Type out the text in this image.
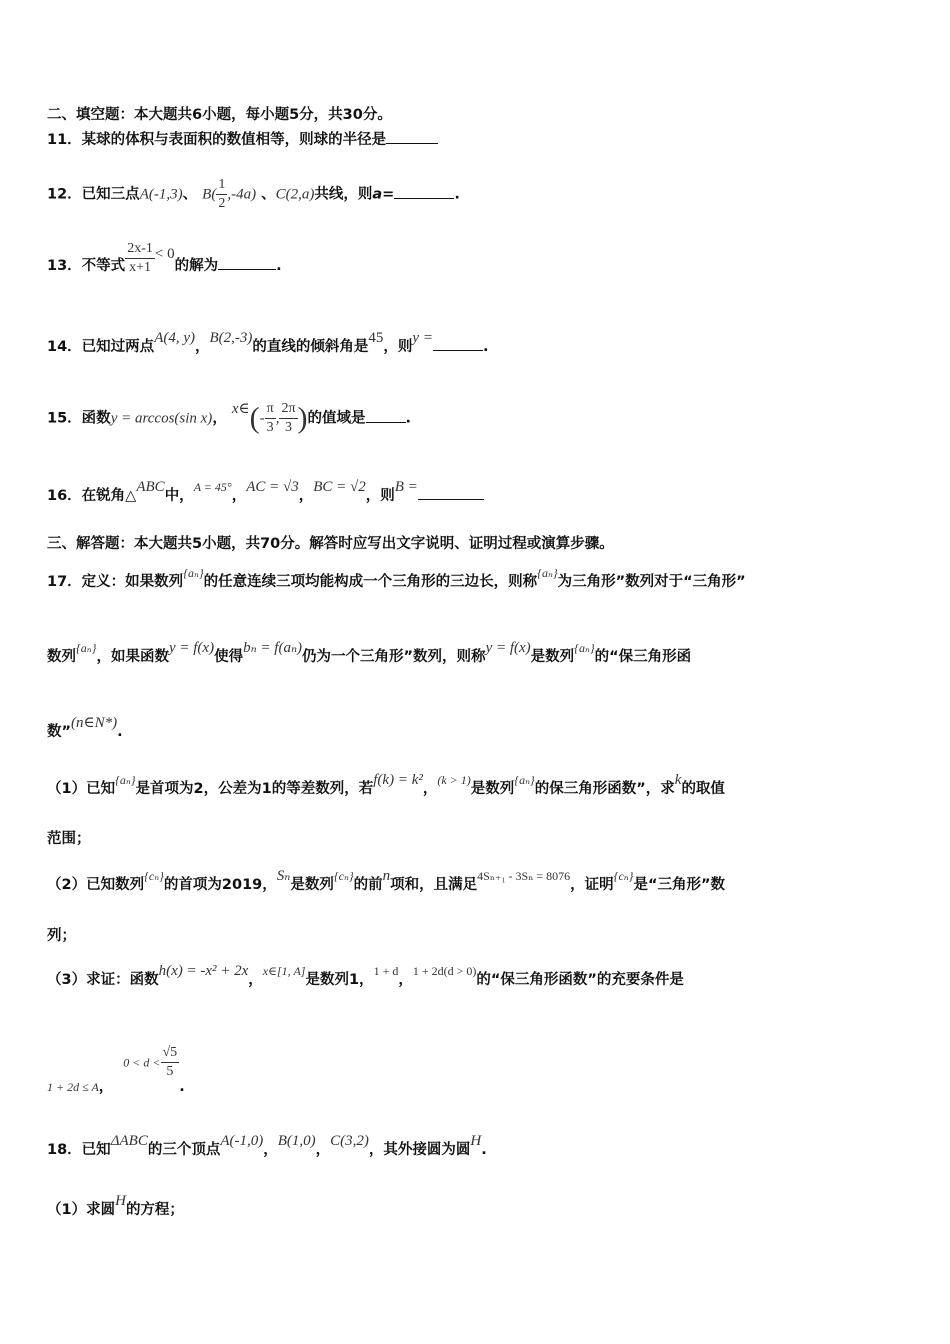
二、填空题：本大题共6小题，每小题5分，共30分。
11．某球的体积与表面积的数值相等，则球的半径是
12．已知三点A(-1,3)、 $B( \frac{1}{2} ,-4a)$ 、C(2,a)共线，则a=	.
13．不等式 $\frac{2x-1}{x+1} < 0$的解为	.
14．已知过两点A(4, y)，B(2,-3)的直线的倾斜角是45，则y =.
15．函数y = arccos(sin x)， x∈(- $\frac{\pi}{3}$ , $\frac{2\pi}{3}$ )的值域是	.
16．在锐角△ABC中，$^{A = 45^\circ}$，AC = √3，BC = √2，则B =
三、解答题：本大题共5小题，共70分。解答时应写出文字说明、证明过程或演算步骤。
17．定义：如果数列$^{\{a_n\}}$的任意连续三项均能构成一个三角形的三边长，则称$^{\{a_n\}}$为三角形”数列对于“三角形”
数列$^{\{a_n\}}$，如果函数y = f(x)使得bₙ = f(aₙ)仍为一个三角形”数列，则称y = f(x)是数列$^{\{a_n\}}$的“保三角形函
数”(n∈N*).
（1）已知$^{\{a_n\}}$是首项为2，公差为1的等差数列，若f(k) = k²，$^{(k > 1)}$是数列$^{\{a_n\}}$的保三角形函数”，求k的取值
范围；
（2）已知数列$^{\{c_n\}}$的首项为2019，Sₙ是数列$^{\{c_n\}}$的前n项和，且满足$^{4S_{n+1} - 3S_n = 8076}$，证明$^{\{c_n\}}$是“三角形”数
列；
（3）求证：函数h(x) = -x² + 2x，$^{x\in[1, A]}$是数列1，$^{1 + d}$，$^{1 + 2d(d > 0)}$的“保三角形函数”的充要条件是
$_{1 + 2d \le A}$，$0 < d < \frac{√5}{5}$
.
18．已知ΔABC的三个顶点A(-1,0)，B(1,0)，C(3,2)，其外接圆为圆H.
（1）求圆H的方程；
